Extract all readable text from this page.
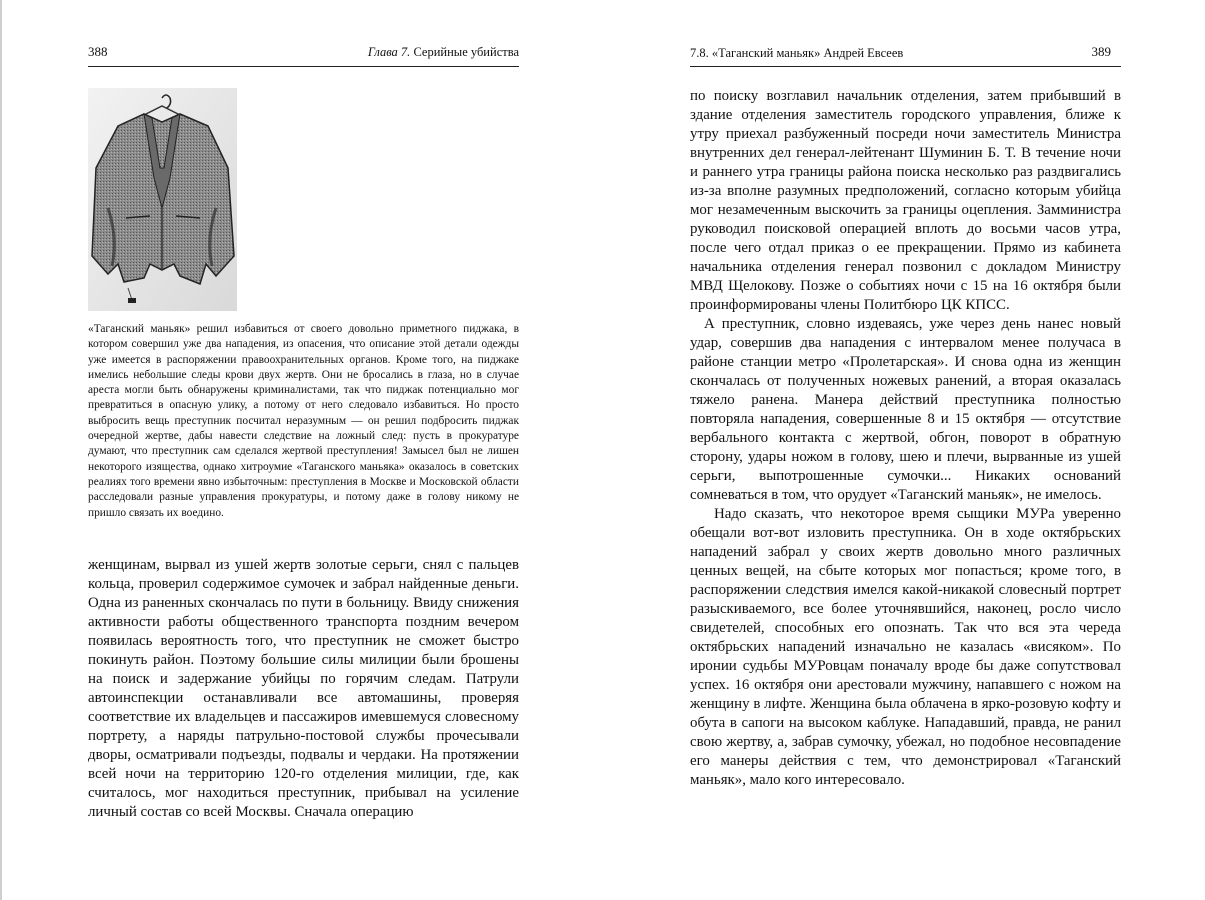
388	Глава 7. Серийные убийства

«Таганский маньяк» решил избавиться от своего довольно приметного пиджака, в котором совершил уже два нападения, из опасения, что описание этой детали одежды уже имеется в распоряжении правоохранительных органов. Кроме того, на пиджаке имелись небольшие следы крови двух жертв. Они не бросались в глаза, но в случае ареста могли быть обнаружены криминалистами, так что пиджак потенциально мог превратиться в опасную улику, а потому от него следовало избавиться. Но просто выбросить вещь преступник посчитал неразумным — он решил подбросить пиджак очередной жертве, дабы навести следствие на ложный след: пусть в прокуратуре думают, что преступник сам сделался жертвой преступления! Замысел был не лишен некоторого изящества, однако хитроумие «Таганского маньяка» оказалось в советских реалиях того времени явно избыточным: преступления в Москве и Московской области расследовали разные управления прокуратуры, и потому даже в голову никому не пришло связать их воедино.

женщинам, вырвал из ушей жертв золотые серьги, снял с пальцев кольца, проверил содержимое сумочек и забрал найденные деньги. Одна из раненных скончалась по пути в больницу. Ввиду снижения активности работы общественного транспорта поздним вечером появилась вероятность того, что преступник не сможет быстро покинуть район. Поэтому большие силы милиции были брошены на поиск и задержание убийцы по горячим следам. Патрули автоинспекции останавливали все автомашины, проверяя соответствие их владельцев и пассажиров имевшемуся словесному портрету, а наряды патрульно-постовой службы прочесывали дворы, осматривали подъезды, подвалы и чердаки. На протяжении всей ночи на территорию 120-го отделения милиции, где, как считалось, мог находиться преступник, прибывал на усиление личный состав со всей Москвы. Сначала операцию

7.8. «Таганский маньяк» Андрей Евсеев	389

по поиску возглавил начальник отделения, затем прибывший в здание отделения заместитель городского управления, ближе к утру приехал разбуженный посреди ночи заместитель Министра внутренних дел генерал-лейтенант Шуминин Б. Т. В течение ночи и раннего утра границы района поиска несколько раз раздвигались из-за вполне разумных предположений, согласно которым убийца мог незамеченным выскочить за границы оцепления. Замминистра руководил поисковой операцией вплоть до восьми часов утра, после чего отдал приказ о ее прекращении. Прямо из кабинета начальника отделения генерал позвонил с докладом Министру МВД Щелокову. Позже о событиях ночи с 15 на 16 октября были проинформированы члены Политбюро ЦК КПСС.

А преступник, словно издеваясь, уже через день нанес новый удар, совершив два нападения с интервалом менее получаса в районе станции метро «Пролетарская». И снова одна из женщин скончалась от полученных ножевых ранений, а вторая оказалась тяжело ранена. Манера действий преступника полностью повторяла нападения, совершенные 8 и 15 октября — отсутствие вербального контакта с жертвой, обгон, поворот в обратную сторону, удары ножом в голову, шею и плечи, вырванные из ушей серьги, выпотрошенные сумочки... Никаких оснований сомневаться в том, что орудует «Таганский маньяк», не имелось.

Надо сказать, что некоторое время сыщики МУРа уверенно обещали вот-вот изловить преступника. Он в ходе октябрьских нападений забрал у своих жертв довольно много различных ценных вещей, на сбыте которых мог попасться; кроме того, в распоряжении следствия имелся какой-никакой словесный портрет разыскиваемого, все более уточнявшийся, наконец, росло число свидетелей, способных его опознать. Так что вся эта череда октябрьских нападений изначально не казалась «висяком». По иронии судьбы МУРовцам поначалу вроде бы даже сопутствовал успех. 16 октября они арестовали мужчину, напавшего с ножом на женщину в лифте. Женщина была облачена в ярко-розовую кофту и обута в сапоги на высоком каблуке. Нападавший, правда, не ранил свою жертву, а, забрав сумочку, убежал, но подобное несовпадение его манеры действия с тем, что демонстрировал «Таганский маньяк», мало кого интересовало.
